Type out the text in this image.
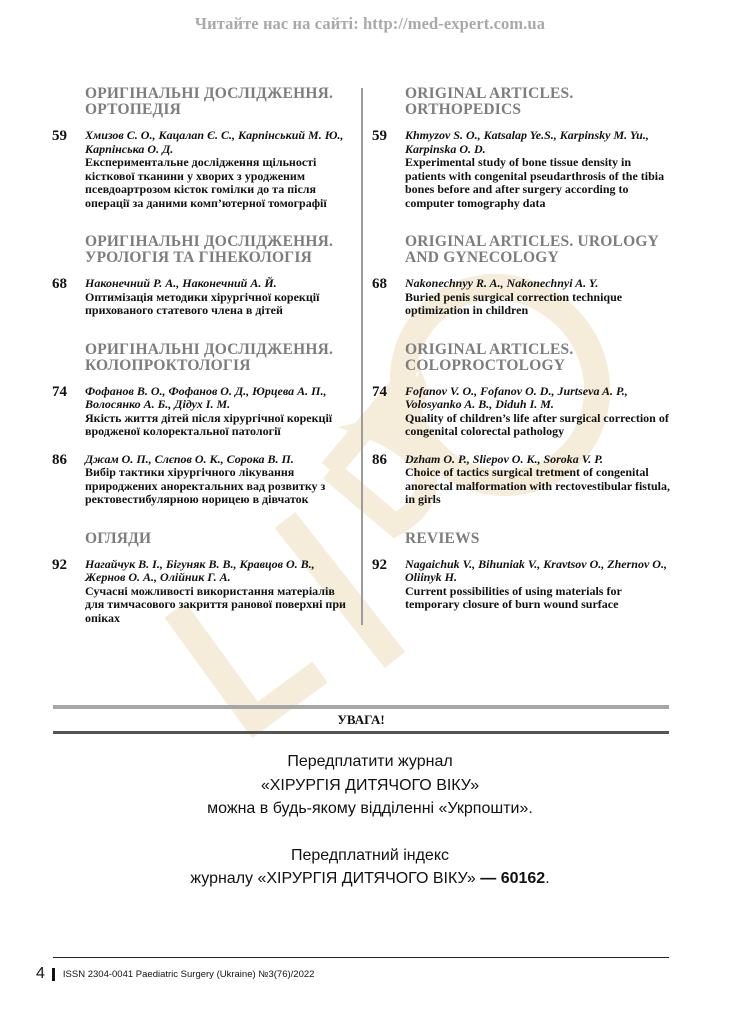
Читайте нас на сайті: http://med-expert.com.ua
ОРИГІНАЛЬНІ ДОСЛІДЖЕННЯ. ОРТОПЕДІЯ
59 Хмизов С. О., Кацалап Є. С., Карпінський М. Ю., Карпінська О. Д.
Експериментальне дослідження щільності кісткової тканини у хворих з уродженим псевдоартрозом кісток гомілки до та після операції за даними комп’ютерної томографії
ОРИГІНАЛЬНІ ДОСЛІДЖЕННЯ. УРОЛОГІЯ ТА ГІНЕКОЛОГІЯ
68 Наконечний Р. А., Наконечний А. Й.
Оптимізація методики хірургічної корекції прихованого статевого члена в дітей
ОРИГІНАЛЬНІ ДОСЛІДЖЕННЯ. КОЛОПРОКТОЛОГІЯ
74 Фофанов В. О., Фофанов О. Д., Юрцева А. П., Волосянко А. Б., Дідух І. М.
Якість життя дітей після хірургічної корекції вродженої колоректальної патології
86 Джам О. П., Слєпов О. К., Сорока В. П.
Вибір тактики хірургічного лікування природжених аноректальних вад розвитку з ректовестибулярною норицею в дівчаток
ОГЛЯДИ
92 Нагайчук В. І., Бігуняк В. В., Кравцов О. В., Жернов О. А., Олійник Г. А.
Сучасні можливості використання матеріалів для тимчасового закриття ранової поверхні при опіках
ORIGINAL ARTICLES. ORTHOPEDICS
59 Khmyzov S. O., Katsalap Ye.S., Karpinsky M. Yu., Karpinska O. D.
Experimental study of bone tissue density in patients with congenital pseudarthrosis of the tibia bones before and after surgery according to computer tomography data
ORIGINAL ARTICLES. UROLOGY AND GYNECOLOGY
68 Nakonechnyy R. A., Nakonechnyi A. Y.
Buried penis surgical correction technique optimization in children
ORIGINAL ARTICLES. COLOPROCTOLOGY
74 Fofanov V. O., Fofanov O. D., Jurtseva A. P., Volosyanko A. B., Diduh I. M.
Quality of children’s life after surgical correction of congenital colorectal pathology
86 Dzham O. P., Sliepov O. K., Soroka V. P.
Choice of tactics surgical tretment of congenital anorectal malformation with rectovestibular fistula, in girls
REVIEWS
92 Nagaichuk V., Bihuniak V., Kravtsov O., Zhernov O., Oliinyk H.
Current possibilities of using materials for temporary closure of burn wound surface
УВАГА!
Передплатити журнал
«ХІРУРГІЯ ДИТЯЧОГО ВІКУ»
можна в будь-якому відділенні «Укрпошти».
Передплатний індекс
журналу «ХІРУРГІЯ ДИТЯЧОГО ВІКУ» — 60162.
4 ISSN 2304-0041 Paediatric Surgery (Ukraine) №3(76)/2022
